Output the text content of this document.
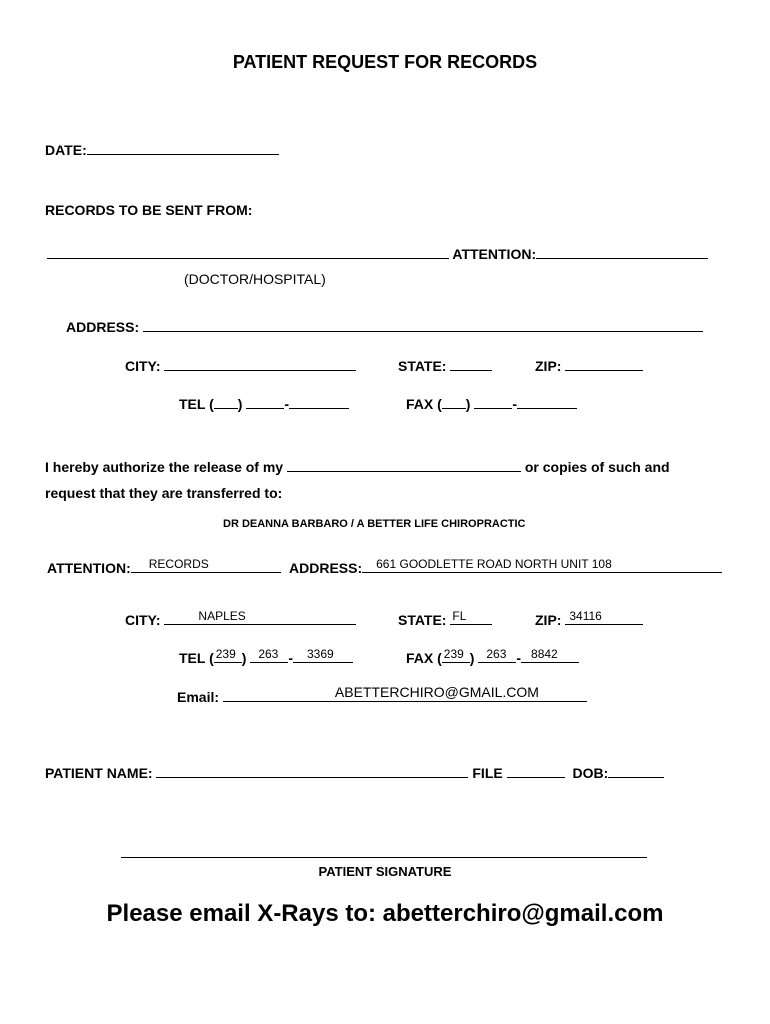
PATIENT REQUEST FOR RECORDS
DATE:
RECORDS TO BE SENT FROM:
ATTENTION:
(DOCTOR/HOSPITAL)
ADDRESS:
CITY:	STATE:	ZIP:
TEL ( )	-	FAX ( )	-
I hereby authorize the release of my	or copies of such and
request that they are transferred to:
DR DEANNA BARBARO / A BETTER LIFE CHIROPRACTIC
ATTENTION: RECORDS	ADDRESS: 661 GOODLETTE ROAD NORTH UNIT 108
CITY:	NAPLES	STATE: FL	ZIP: 34116
TEL ( 239 ) 263 - 3369	FAX ( 239 ) 263 - 8842
Email:	ABETTERCHIRO@GMAIL.COM
PATIENT NAME:	FILE	DOB:
PATIENT SIGNATURE
Please email X-Rays to: abetterchiro@gmail.com
